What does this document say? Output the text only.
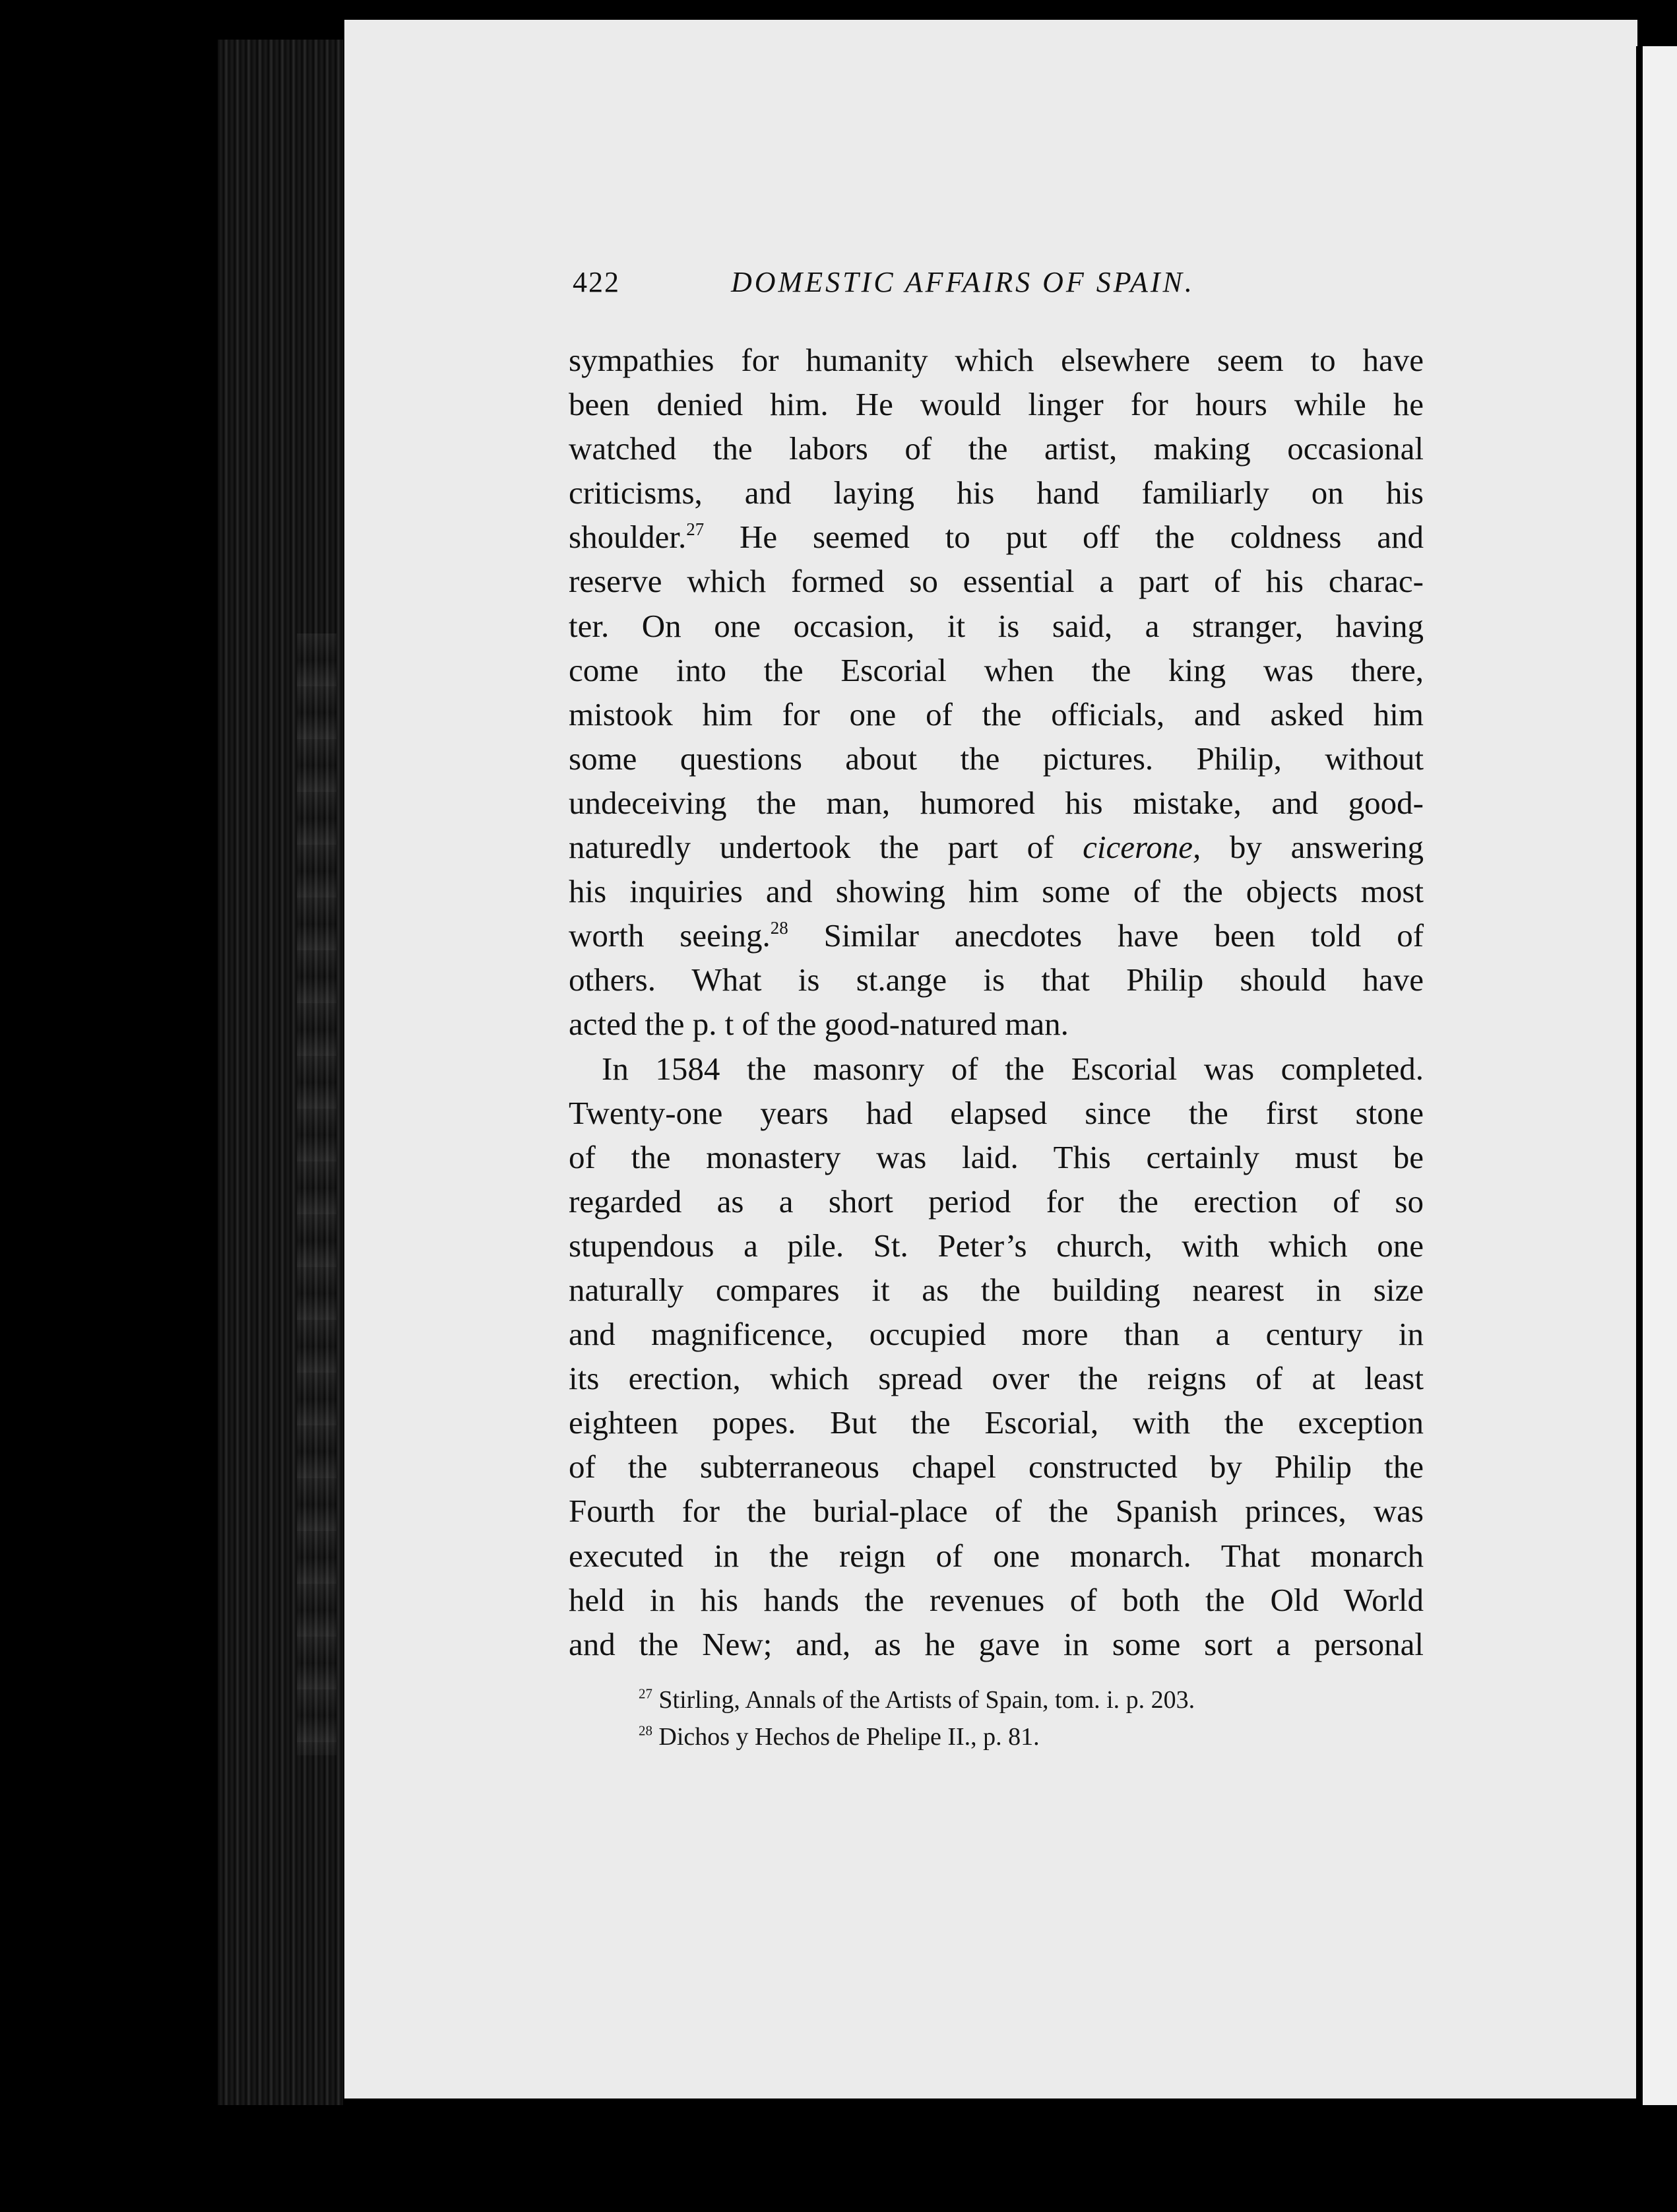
422	DOMESTIC AFFAIRS OF SPAIN.
sympathies for humanity which elsewhere seem to have
been denied him. He would linger for hours while he
watched the labors of the artist, making occasional
criticisms, and laying his hand familiarly on his
shoulder.$^{27}$ He seemed to put off the coldness and
reserve which formed so essential a part of his charac-
ter. On one occasion, it is said, a stranger, having
come into the Escorial when the king was there,
mistook him for one of the officials, and asked him
some questions about the pictures. Philip, without
undeceiving the man, humored his mistake, and good-
naturedly undertook the part of cicerone, by answering
his inquiries and showing him some of the objects most
worth seeing.$^{28}$ Similar anecdotes have been told of
others. What is st.ange is that Philip should have
acted the p. t of the good-natured man.
In 1584 the masonry of the Escorial was completed.
Twenty-one years had elapsed since the first stone
of the monastery was laid. This certainly must be
regarded as a short period for the erection of so
stupendous a pile. St. Peter’s church, with which one
naturally compares it as the building nearest in size
and magnificence, occupied more than a century in
its erection, which spread over the reigns of at least
eighteen popes. But the Escorial, with the exception
of the subterraneous chapel constructed by Philip the
Fourth for the burial-place of the Spanish princes, was
executed in the reign of one monarch. That monarch
held in his hands the revenues of both the Old World
and the New; and, as he gave in some sort a personal
$^{27}$ Stirling, Annals of the Artists of Spain, tom. i. p. 203.
$^{28}$ Dichos y Hechos de Phelipe II., p. 81.
